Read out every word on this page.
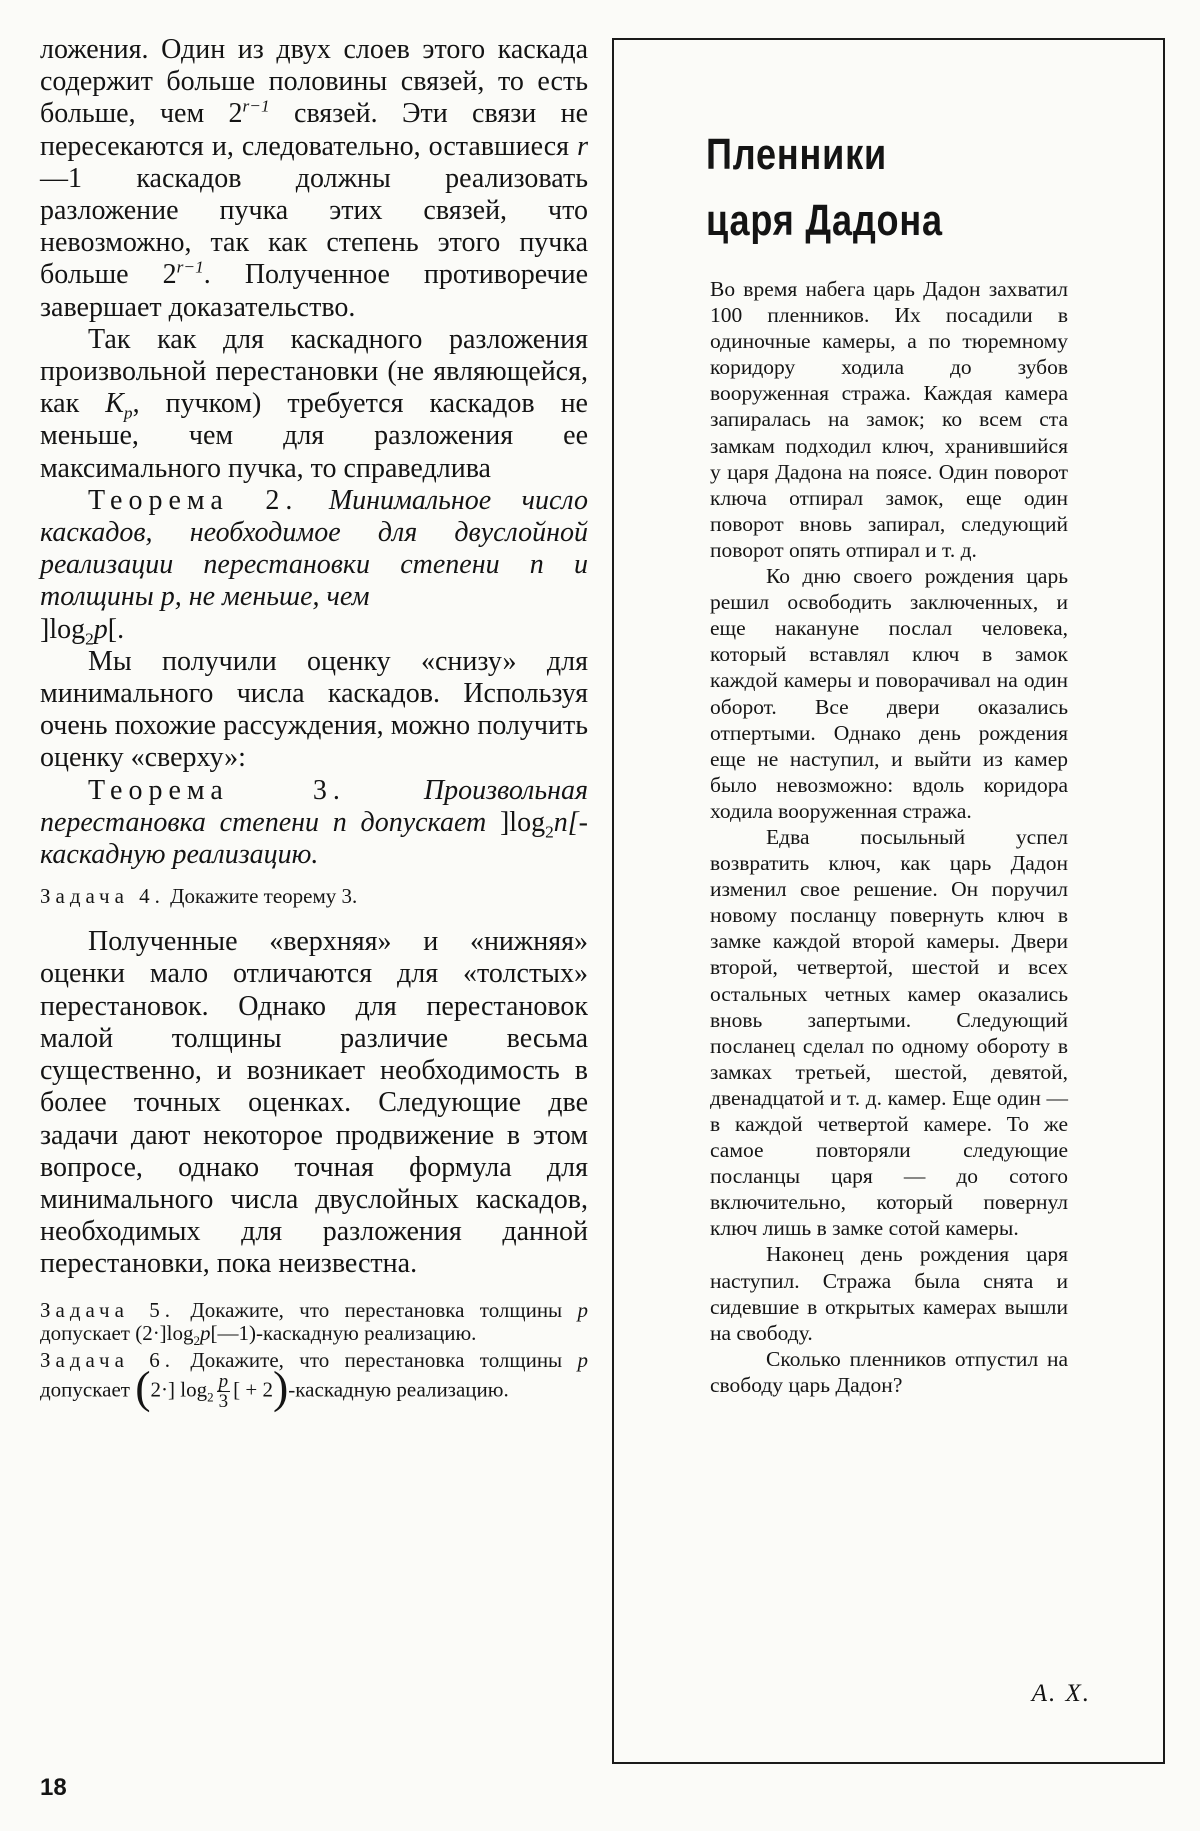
ложения. Один из двух слоев этого каскада содержит больше половины связей, то есть больше, чем $2^{r-1}$ связей. Эти связи не пересекаются и, следовательно, оставшиеся r—1 каскадов должны реализовать разложение пучка этих связей, что невозможно, так как степень этого пучка больше $2^{r-1}$. Полученное противоречие завершает доказательство.

Так как для каскадного разложения произвольной перестановки (не являющейся, как $K_p$, пучком) требуется каскадов не меньше, чем для разложения ее максимального пучка, то справедлива

Теорема 2. Минимальное число каскадов, необходимое для двуслойной реализации перестановки степени n и толщины p, не меньше, чем
]$\log_2p$[.

Мы получили оценку «снизу» для минимального числа каскадов. Используя очень похожие рассуждения, можно получить оценку «сверху»:

Теорема 3.	Произвольная перестановка степени n допускает ]$\log_2n$[-каскадную реализацию.

Задача 4. Докажите теорему 3.

Полученные «верхняя» и «нижняя» оценки мало отличаются для «толстых» перестановок. Однако для перестановок малой толщины различие весьма существенно, и возникает необходимость в более точных оценках. Следующие две задачи дают некоторое продвижение в этом вопросе, однако точная формула для минимального числа двуслойных каскадов, необходимых для разложения данной перестановки, пока неизвестна.

Задача 5. Докажите, что перестановка толщины p допускает $(2\cdot]\log_2p[—1)$-каскадную реализацию.

Задача 6. Докажите, что перестановка толщины p допускает (2·] $\log_2 \frac{p}{3}$ [ + 2)-каскадную реализацию.

Пленники
царя Дадона

Во время набега царь Дадон захватил 100 пленников. Их посадили в одиночные камеры, а по тюремному коридору ходила до зубов вооруженная стража. Каждая камера запиралась на замок; ко всем ста замкам подходил ключ, хранившийся у царя Дадона на поясе. Один поворот ключа отпирал замок, еще один поворот вновь запирал, следующий поворот опять отпирал и т. д.

Ко дню своего рождения царь решил освободить заключенных, и еще накануне послал человека, который вставлял ключ в замок каждой камеры и поворачивал на один оборот. Все двери оказались отпертыми. Однако день рождения еще не наступил, и выйти из камер было невозможно: вдоль коридора ходила вооруженная стража.

Едва посыльный успел возвратить ключ, как царь Дадон изменил свое решение. Он поручил новому посланцу повернуть ключ в замке каждой второй камеры. Двери второй, четвертой, шестой и всех остальных четных камер оказались вновь запертыми. Следующий посланец сделал по одному обороту в замках третьей, шестой, девятой, двенадцатой и т. д. камер. Еще один — в каждой четвертой камере. То же самое повторяли следующие посланцы царя — до сотого включительно, который повернул ключ лишь в замке сотой камеры.

Наконец день рождения царя наступил. Стража была снята и сидевшие в открытых камерах вышли на свободу.

Сколько пленников отпустил на свободу царь Дадон?

А. Х.
18
